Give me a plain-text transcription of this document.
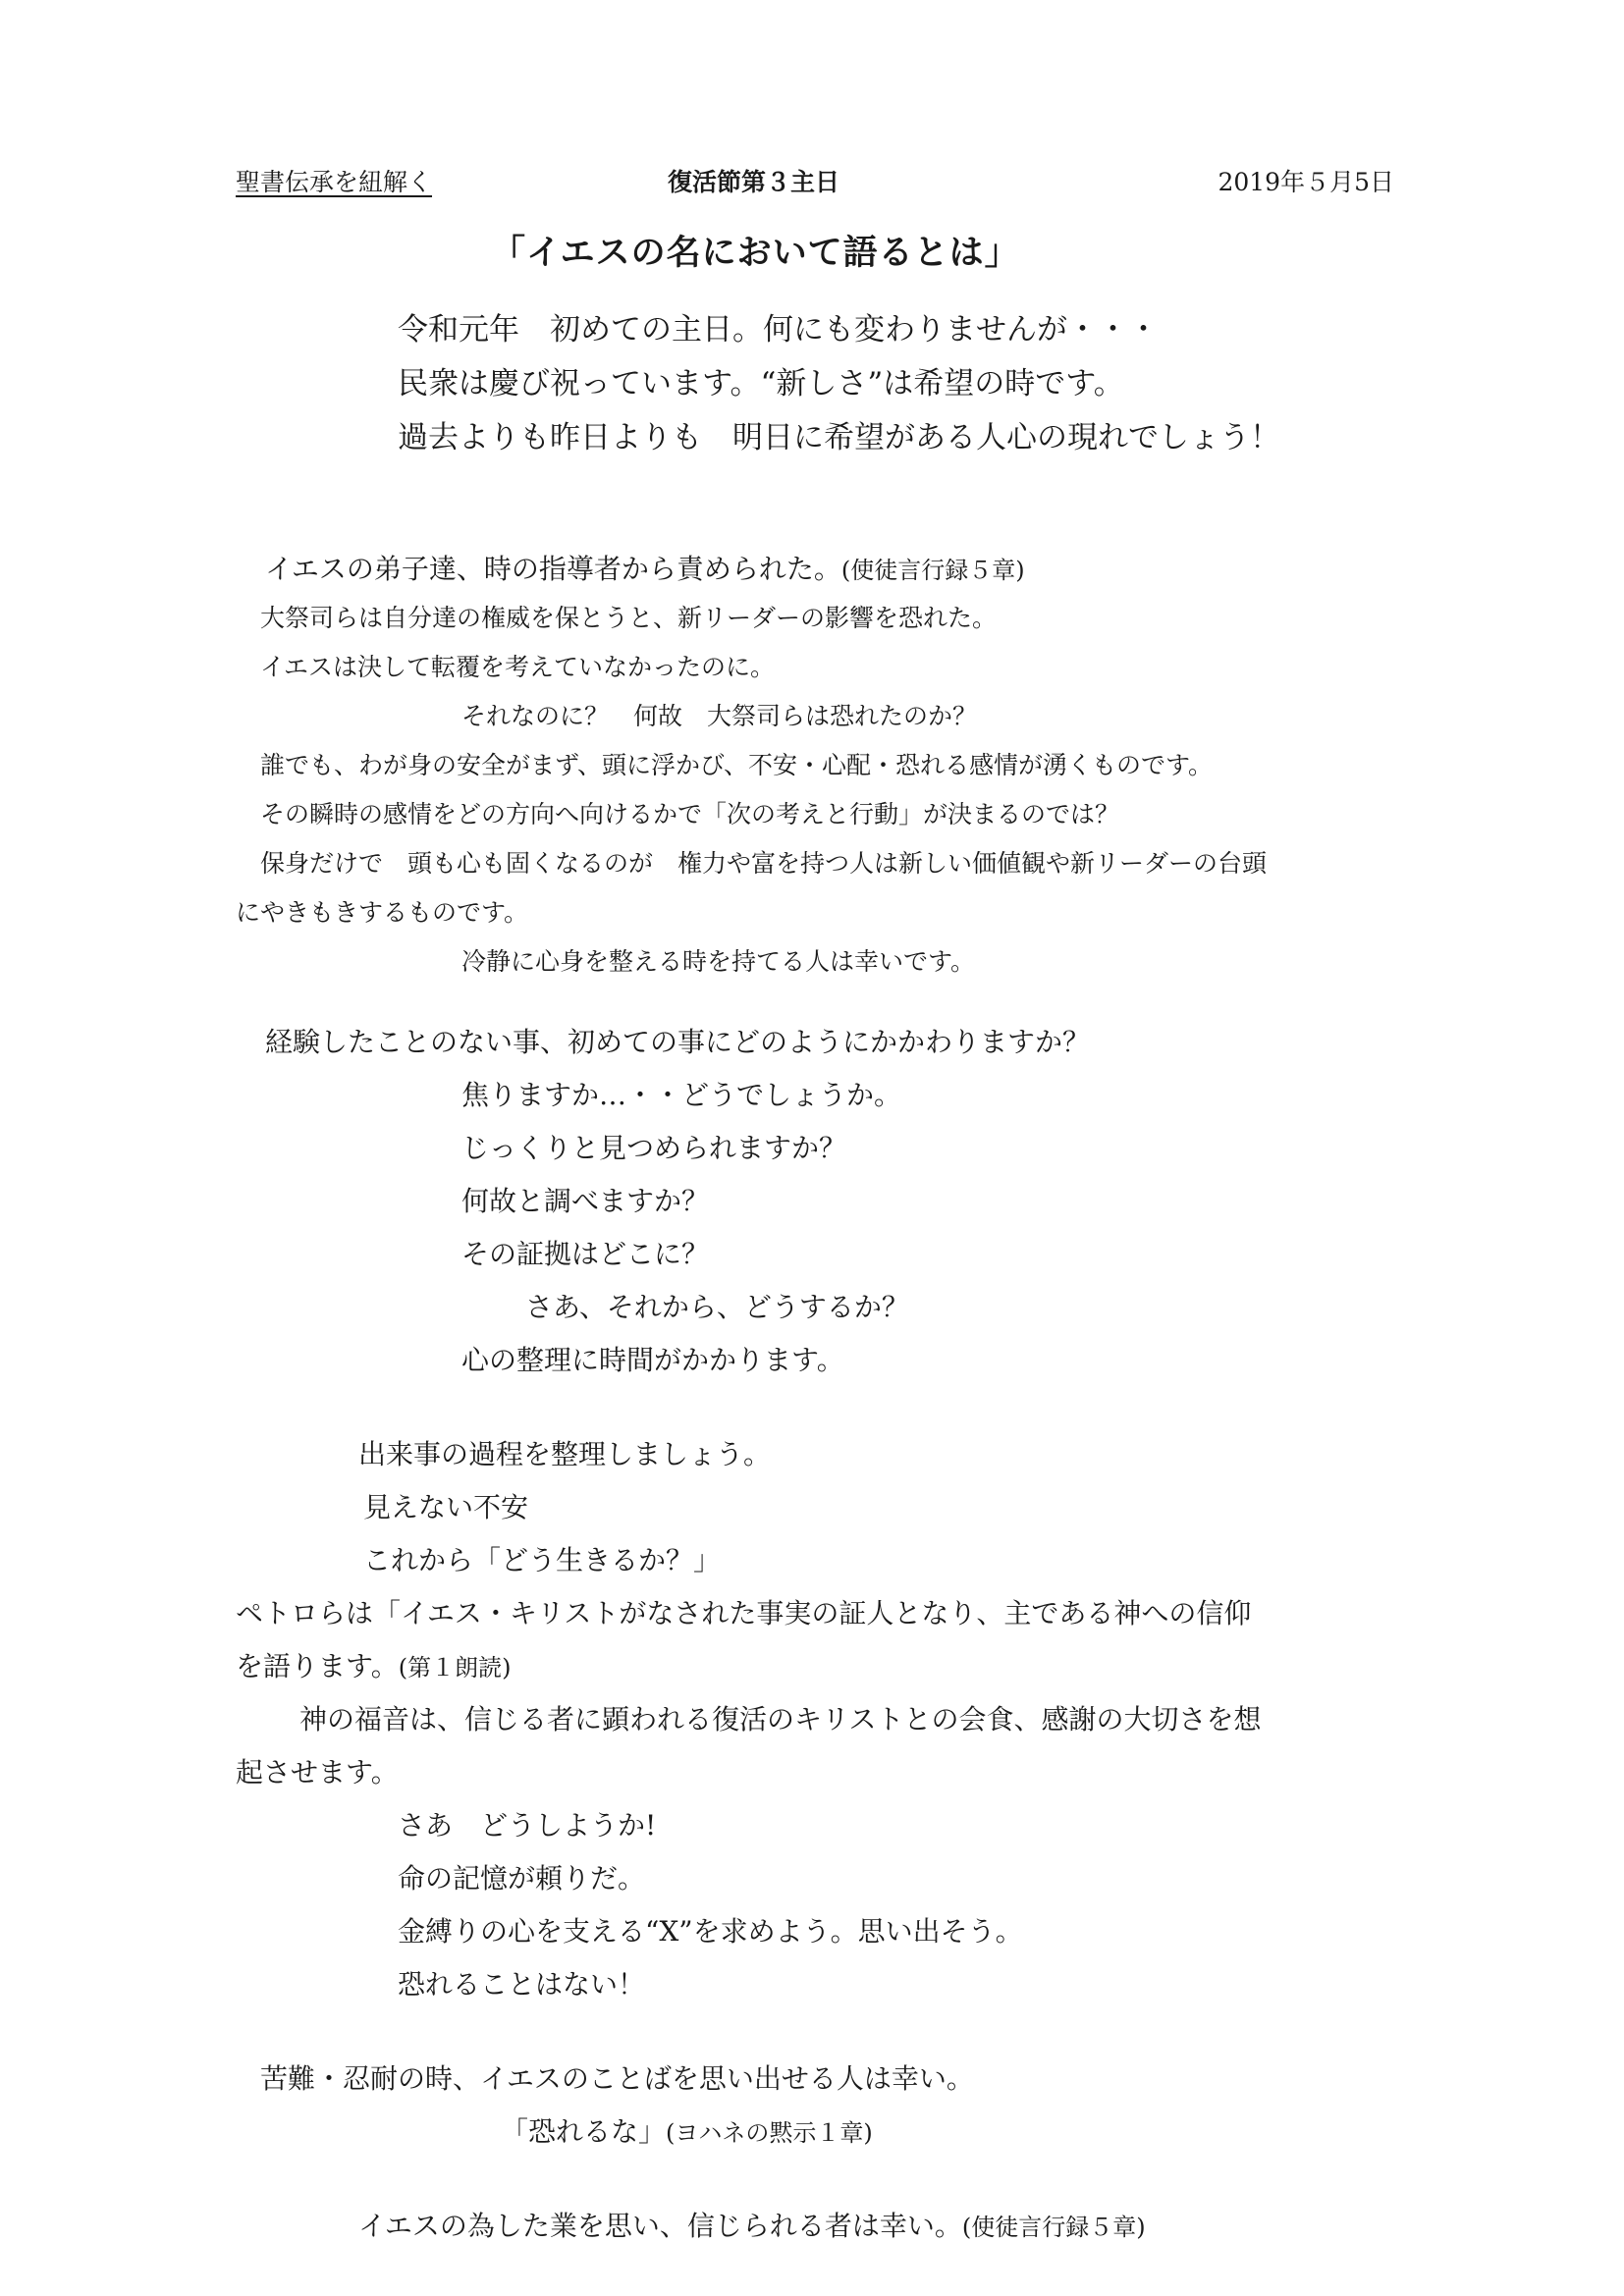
聖書伝承を紐解く	復活節第３主日	2019年５月5日
「イエスの名において語るとは」
令和元年　初めての主日。何にも変わりませんが・・・
民衆は慶び祝っています。“新しさ”は希望の時です。
過去よりも昨日よりも　明日に希望がある人心の現れでしょう！
イエスの弟子達、時の指導者から責められた。(使徒言行録５章)
大祭司らは自分達の権威を保とうと、新リーダーの影響を恐れた。
イエスは決して転覆を考えていなかったのに。
それなのに？　何故　大祭司らは恐れたのか？
誰でも、わが身の安全がまず、頭に浮かび、不安・心配・恐れる感情が湧くものです。
その瞬時の感情をどの方向へ向けるかで「次の考えと行動」が決まるのでは？
保身だけで　頭も心も固くなるのが　権力や富を持つ人は新しい価値観や新リーダーの台頭
にやきもきするものです。
冷静に心身を整える時を持てる人は幸いです。
経験したことのない事、初めての事にどのようにかかわりますか？
焦りますか…・・どうでしょうか。
じっくりと見つめられますか？
何故と調べますか？
その証拠はどこに？
さあ、それから、どうするか？
心の整理に時間がかかります。
出来事の過程を整理しましょう。
見えない不安
これから「どう生きるか？」
ペトロらは「イエス・キリストがなされた事実の証人となり、主である神への信仰
を語ります。(第１朗読)
神の福音は、信じる者に顕われる復活のキリストとの会食、感謝の大切さを想
起させます。
さあ　どうしようか!
命の記憶が頼りだ。
金縛りの心を支える“X”を求めよう。思い出そう。
恐れることはない！
苦難・忍耐の時、イエスのことばを思い出せる人は幸い。
「恐れるな」(ヨハネの黙示１章)
イエスの為した業を思い、信じられる者は幸い。(使徒言行録５章)
